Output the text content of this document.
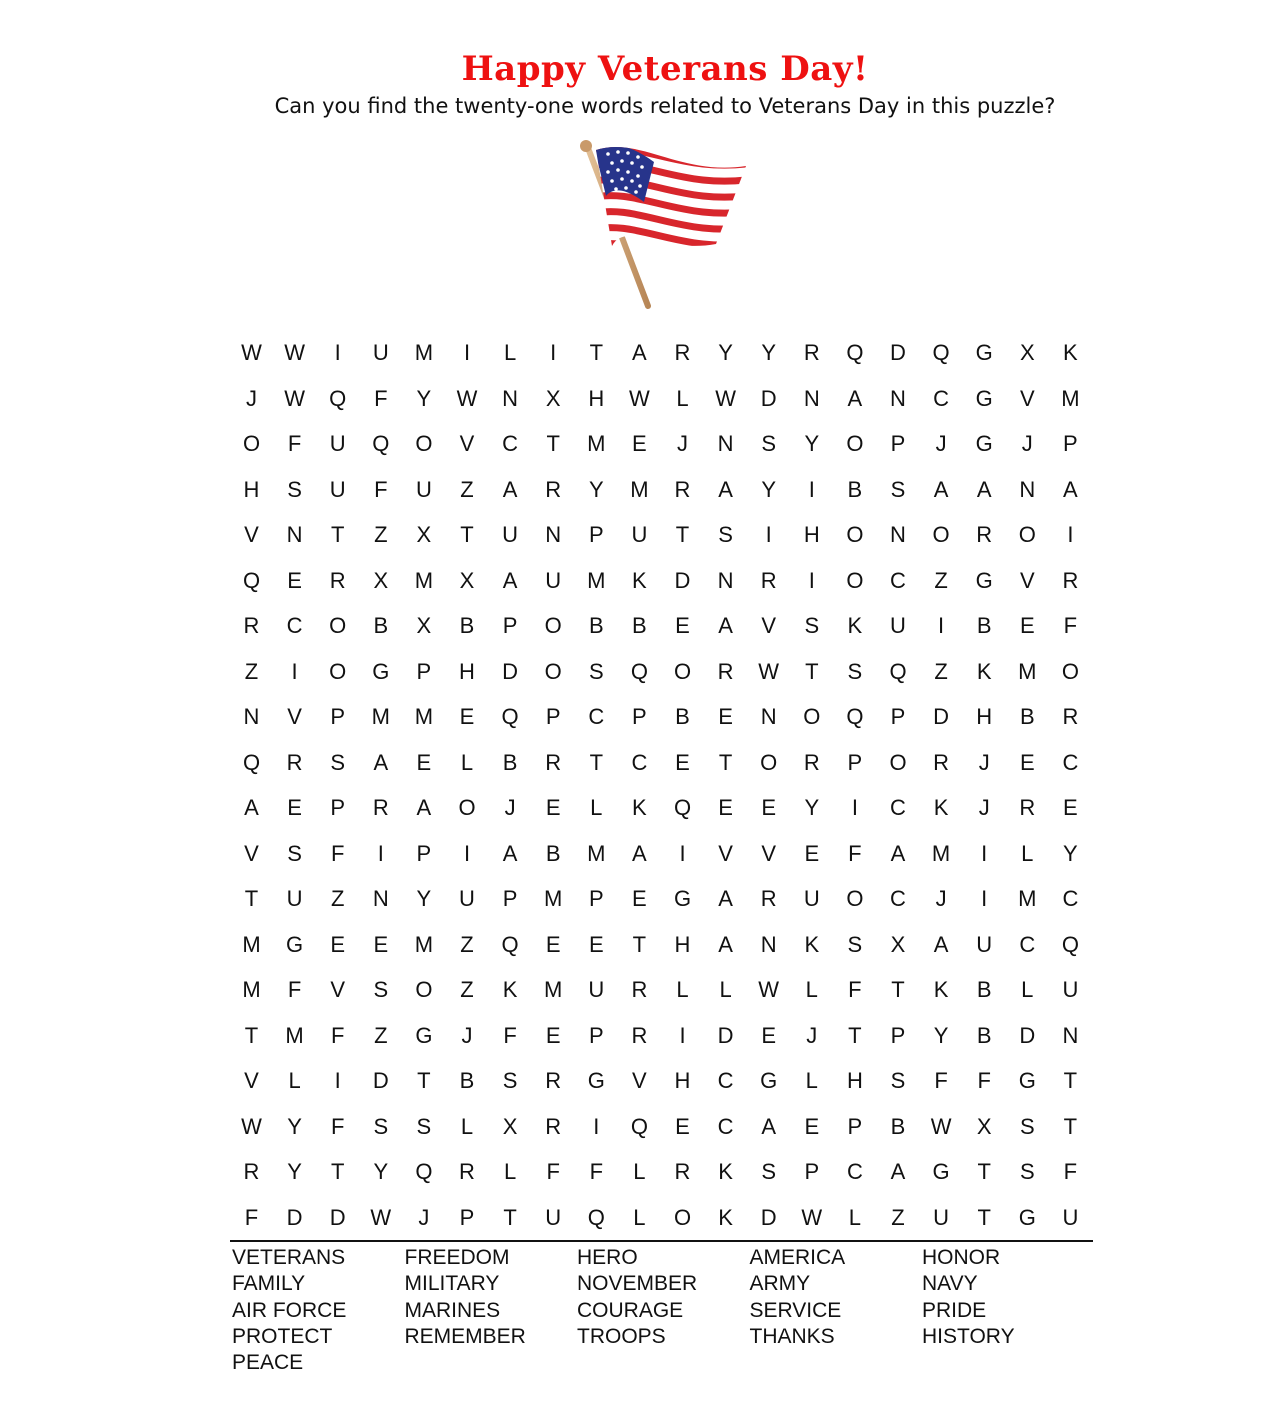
Happy Veterans Day!
Can you find the twenty-one words related to Veterans Day in this puzzle?
W	W	I	U	M	I	L	I	T	A	R	Y	Y	R	Q	D	Q	G	X	K
J	W	Q	F	Y	W	N	X	H	W	L	W	D	N	A	N	C	G	V	M
O	F	U	Q	O	V	C	T	M	E	J	N	S	Y	O	P	J	G	J	P
H	S	U	F	U	Z	A	R	Y	M	R	A	Y	I	B	S	A	A	N	A
V	N	T	Z	X	T	U	N	P	U	T	S	I	H	O	N	O	R	O	I
Q	E	R	X	M	X	A	U	M	K	D	N	R	I	O	C	Z	G	V	R
R	C	O	B	X	B	P	O	B	B	E	A	V	S	K	U	I	B	E	F
Z	I	O	G	P	H	D	O	S	Q	O	R	W	T	S	Q	Z	K	M	O
N	V	P	M	M	E	Q	P	C	P	B	E	N	O	Q	P	D	H	B	R
Q	R	S	A	E	L	B	R	T	C	E	T	O	R	P	O	R	J	E	C
A	E	P	R	A	O	J	E	L	K	Q	E	E	Y	I	C	K	J	R	E
V	S	F	I	P	I	A	B	M	A	I	V	V	E	F	A	M	I	L	Y
T	U	Z	N	Y	U	P	M	P	E	G	A	R	U	O	C	J	I	M	C
M	G	E	E	M	Z	Q	E	E	T	H	A	N	K	S	X	A	U	C	Q
M	F	V	S	O	Z	K	M	U	R	L	L	W	L	F	T	K	B	L	U
T	M	F	Z	G	J	F	E	P	R	I	D	E	J	T	P	Y	B	D	N
V	L	I	D	T	B	S	R	G	V	H	C	G	L	H	S	F	F	G	T
W	Y	F	S	S	L	X	R	I	Q	E	C	A	E	P	B	W	X	S	T
R	Y	T	Y	Q	R	L	F	F	L	R	K	S	P	C	A	G	T	S	F
F	D	D	W	J	P	T	U	Q	L	O	K	D	W	L	Z	U	T	G	U
VETERANS
FAMILY
AIR FORCE
PROTECT
PEACE
FREEDOM
MILITARY
MARINES
REMEMBER
HERO
NOVEMBER
COURAGE
TROOPS
AMERICA
ARMY
SERVICE
THANKS
HONOR
NAVY
PRIDE
HISTORY
